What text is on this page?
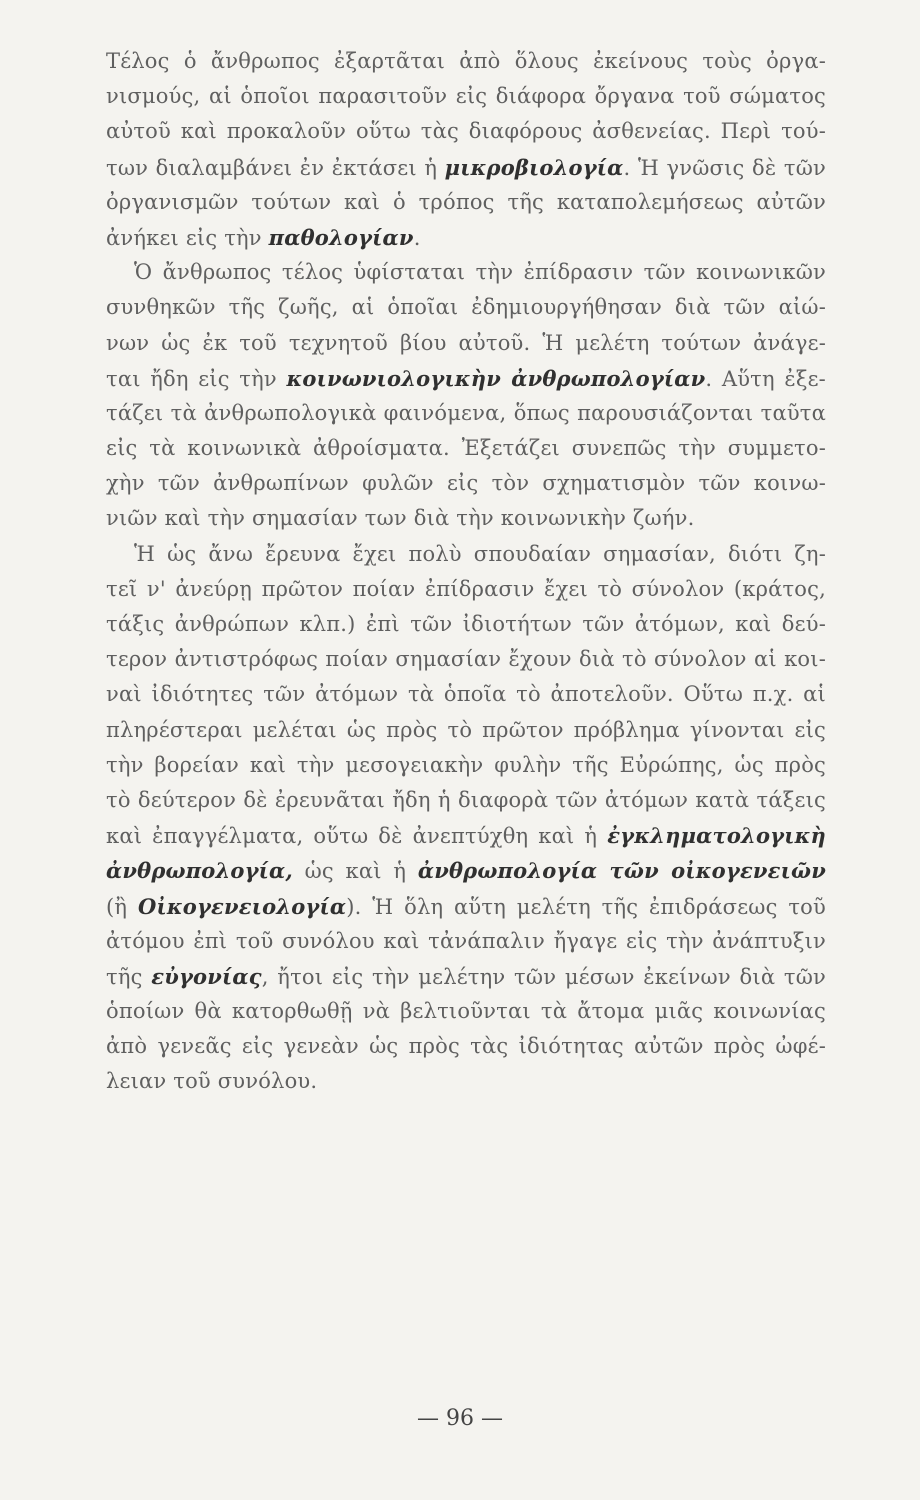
Τέλος ὁ ἄνθρωπος ἐξαρτᾶται ἀπὸ ὅλους ἐκείνους τοὺς ὀργα-
νισμούς, αἱ ὁποῖοι παρασιτοῦν εἰς διάφορα ὄργανα τοῦ σώματος
αὐτοῦ καὶ προκαλοῦν οὕτω τὰς διαφόρους ἀσθενείας. Περὶ τού-
των διαλαμβάνει ἐν ἐκτάσει ἡ μικροβιολογία. Ἡ γνῶσις δὲ τῶν
ὀργανισμῶν τούτων καὶ ὁ τρόπος τῆς καταπολεμήσεως αὐτῶν
ἀνήκει εἰς τὴν παθολογίαν.
Ὁ ἄνθρωπος τέλος ὑφίσταται τὴν ἐπίδρασιν τῶν κοινωνικῶν
συνθηκῶν τῆς ζωῆς, αἱ ὁποῖαι ἐδημιουργήθησαν διὰ τῶν αἰώ-
νων ὡς ἐκ τοῦ τεχνητοῦ βίου αὐτοῦ. Ἡ μελέτη τούτων ἀνάγε-
ται ἤδη εἰς τὴν κοινωνιολογικὴν ἀνθρωπολογίαν. Αὕτη ἐξε-
τάζει τὰ ἀνθρωπολογικὰ φαινόμενα, ὅπως παρουσιάζονται ταῦτα
εἰς τὰ κοινωνικὰ ἀθροίσματα. Ἐξετάζει συνεπῶς τὴν συμμετο-
χὴν τῶν ἀνθρωπίνων φυλῶν εἰς τὸν σχηματισμὸν τῶν κοινω-
νιῶν καὶ τὴν σημασίαν των διὰ τὴν κοινωνικὴν ζωήν.
Ἡ ὡς ἄνω ἔρευνα ἔχει πολὺ σπουδαίαν σημασίαν, διότι ζη-
τεῖ ν' ἀνεύρῃ πρῶτον ποίαν ἐπίδρασιν ἔχει τὸ σύνολον (κράτος,
τάξις ἀνθρώπων κλπ.) ἐπὶ τῶν ἰδιοτήτων τῶν ἀτόμων, καὶ δεύ-
τερον ἀντιστρόφως ποίαν σημασίαν ἔχουν διὰ τὸ σύνολον αἱ κοι-
ναὶ ἰδιότητες τῶν ἀτόμων τὰ ὁποῖα τὸ ἀποτελοῦν. Οὕτω π.χ. αἱ
πληρέστεραι μελέται ὡς πρὸς τὸ πρῶτον πρόβλημα γίνονται εἰς
τὴν βορείαν καὶ τὴν μεσογειακὴν φυλὴν τῆς Εὐρώπης, ὡς πρὸς
τὸ δεύτερον δὲ ἐρευνᾶται ἤδη ἡ διαφορὰ τῶν ἀτόμων κατὰ τάξεις
καὶ ἐπαγγέλματα, οὕτω δὲ ἀνεπτύχθη καὶ ἡ ἐγκληματολογικὴ
ἀνθρωπολογία, ὡς καὶ ἡ ἀνθρωπολογία τῶν οἰκογενειῶν
(ἢ Οἰκογενειολογία). Ἡ ὅλη αὕτη μελέτη τῆς ἐπιδράσεως τοῦ
ἀτόμου ἐπὶ τοῦ συνόλου καὶ τἀνάπαλιν ἤγαγε εἰς τὴν ἀνάπτυξιν
τῆς εὐγονίας, ἤτοι εἰς τὴν μελέτην τῶν μέσων ἐκείνων διὰ τῶν
ὁποίων θὰ κατορθωθῇ νὰ βελτιοῦνται τὰ ἄτομα μιᾶς κοινωνίας
ἀπὸ γενεᾶς εἰς γενεὰν ὡς πρὸς τὰς ἰδιότητας αὐτῶν πρὸς ὠφέ-
λειαν τοῦ συνόλου.
— 96 —
